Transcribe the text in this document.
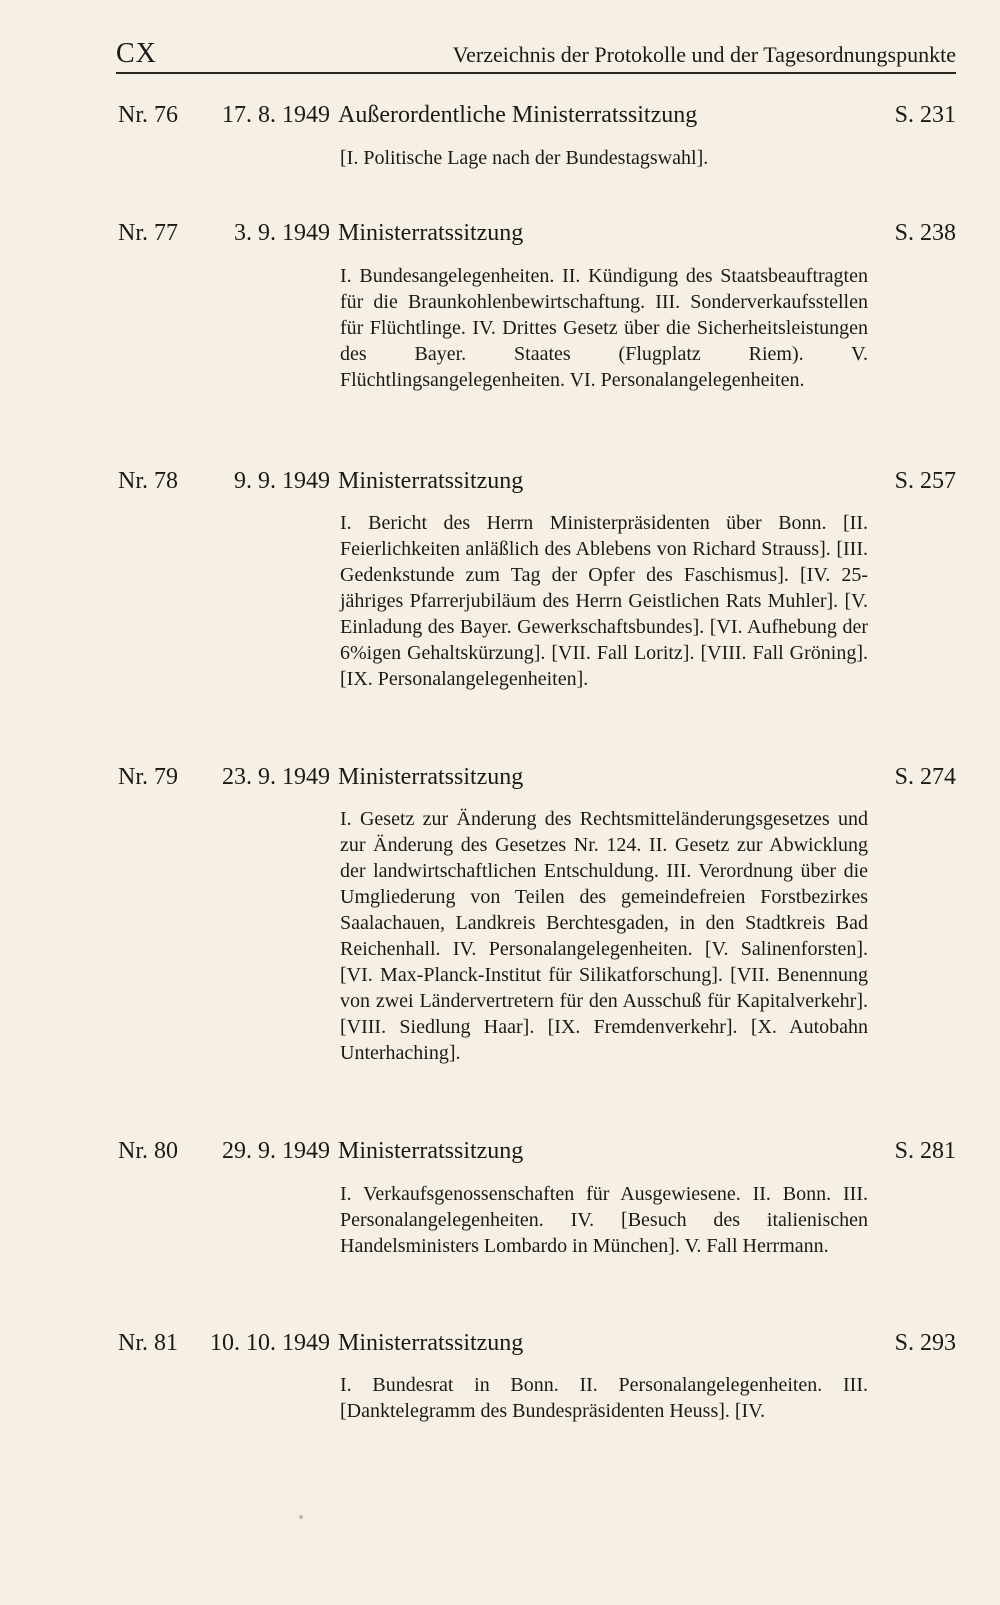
CX	Verzeichnis der Protokolle und der Tagesordnungspunkte
Nr. 76	17. 8. 1949 Außerordentliche Ministerratssitzung	S. 231
[I. Politische Lage nach der Bundestagswahl].
Nr. 77	3. 9. 1949 Ministerratssitzung	S. 238
I. Bundesangelegenheiten. II. Kündigung des Staatsbeauftragten für die Braunkohlenbewirtschaftung. III. Sonderverkaufsstellen für Flüchtlinge. IV. Drittes Gesetz über die Sicherheitsleistungen des Bayer. Staates (Flugplatz Riem). V. Flüchtlingsangelegenheiten. VI. Personalangelegenheiten.
Nr. 78	9. 9. 1949 Ministerratssitzung	S. 257
I. Bericht des Herrn Ministerpräsidenten über Bonn. [II. Feierlichkeiten anläßlich des Ablebens von Richard Strauss]. [III. Gedenkstunde zum Tag der Opfer des Faschismus]. [IV. 25-jähriges Pfarrerjubiläum des Herrn Geistlichen Rats Muhler]. [V. Einladung des Bayer. Gewerkschaftsbundes]. [VI. Aufhebung der 6%igen Gehaltskürzung]. [VII. Fall Loritz]. [VIII. Fall Gröning]. [IX. Personalangelegenheiten].
Nr. 79	23. 9. 1949 Ministerratssitzung	S. 274
I. Gesetz zur Änderung des Rechtsmitteländerungsgesetzes und zur Änderung des Gesetzes Nr. 124. II. Gesetz zur Abwicklung der landwirtschaftlichen Entschuldung. III. Verordnung über die Umgliederung von Teilen des gemeindefreien Forstbezirkes Saalachauen, Landkreis Berchtesgaden, in den Stadtkreis Bad Reichenhall. IV. Personalangelegenheiten. [V. Salinenforsten]. [VI. Max-Planck-Institut für Silikatforschung]. [VII. Benennung von zwei Ländervertretern für den Ausschuß für Kapitalverkehr]. [VIII. Siedlung Haar]. [IX. Fremdenverkehr]. [X. Autobahn Unterhaching].
Nr. 80	29. 9. 1949 Ministerratssitzung	S. 281
I. Verkaufsgenossenschaften für Ausgewiesene. II. Bonn. III. Personalangelegenheiten. IV. [Besuch des italienischen Handelsministers Lombardo in München]. V. Fall Herrmann.
Nr. 81	10. 10. 1949 Ministerratssitzung	S. 293
I. Bundesrat in Bonn. II. Personalangelegenheiten. III. [Danktelegramm des Bundespräsidenten Heuss]. [IV.
